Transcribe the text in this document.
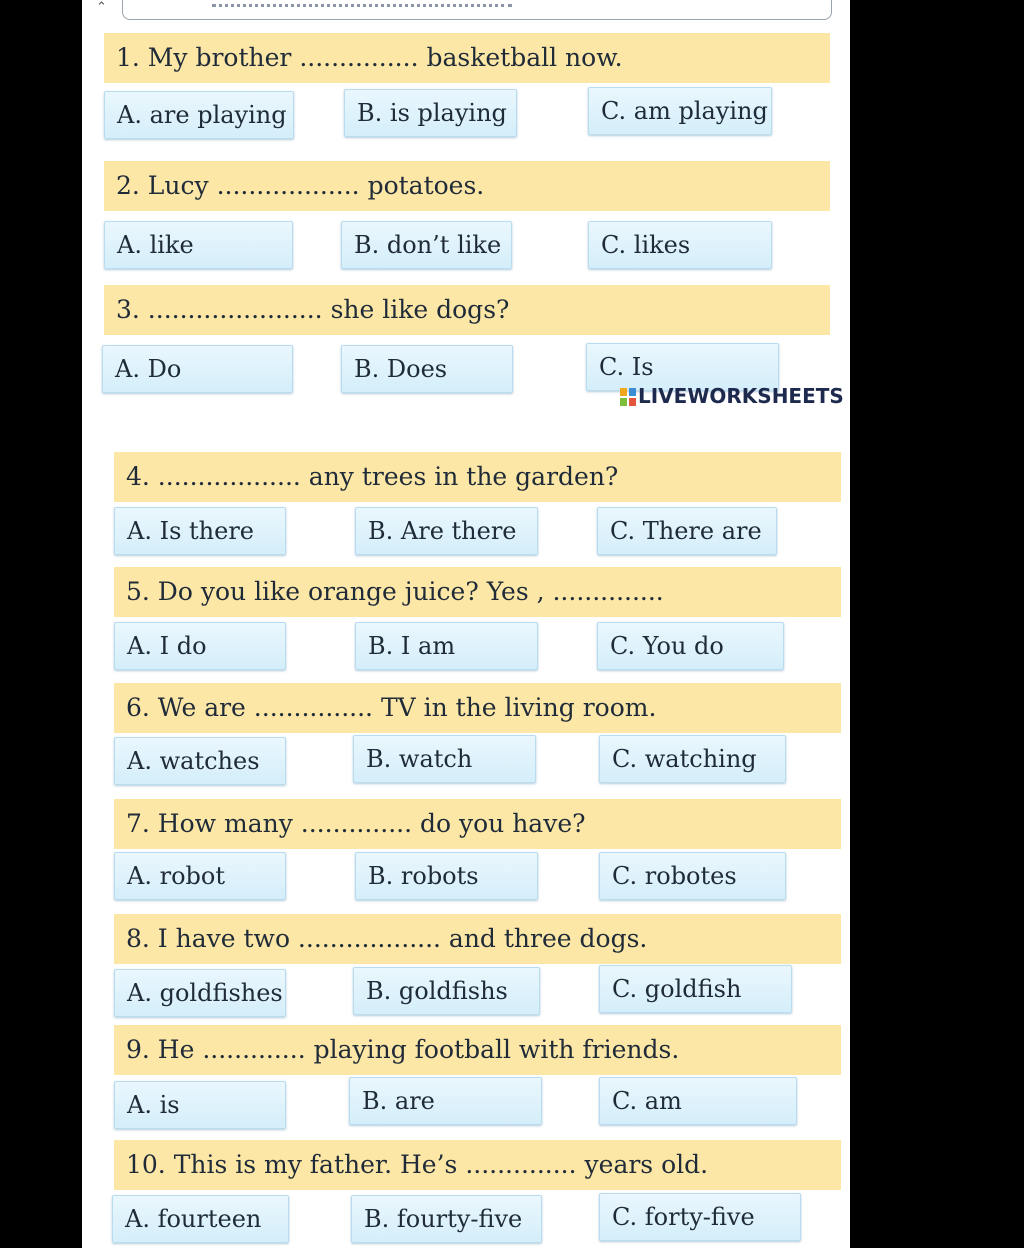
⌃
1. My brother ............... basketball now.
A. are playing	B. is playing	C. am playing
2. Lucy .................. potatoes.
A. like	B. don’t like	C. likes
3. ...................... she like dogs?
A. Do	B. Does	C. Is
LIVEWORKSHEETS
4. .................. any trees in the garden?
A. Is there	B. Are there	C. There are
5. Do you like orange juice? Yes , ..............
A. I do	B. I am	C. You do
6. We are ............... TV in the living room.
A. watches	B. watch	C. watching
7. How many .............. do you have?
A. robot	B. robots	C. robotes
8. I have two .................. and three dogs.
A. goldfishes	B. goldfishs	C. goldfish
9. He ............. playing football with friends.
A. is	B. are	C. am
10. This is my father. He’s .............. years old.
A. fourteen	B. fourty-five	C. forty-five
